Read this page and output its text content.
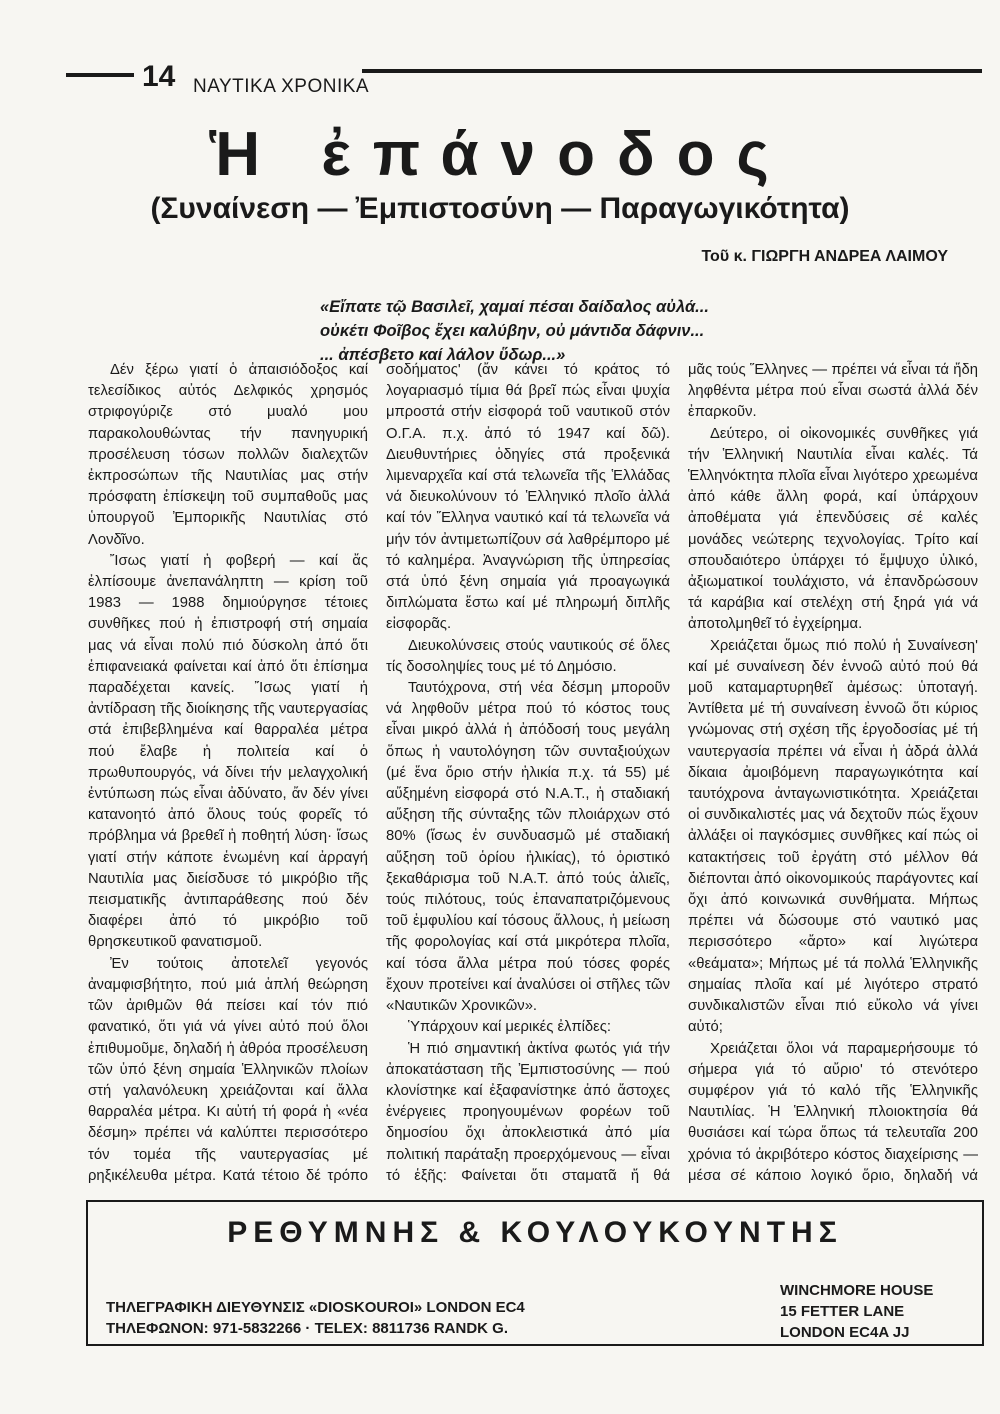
14 ΝΑΥΤΙΚΑ ΧΡΟΝΙΚΑ
Ἡ ἐπάνοδος
(Συναίνεση — Ἐμπιστοσύνη — Παραγωγικότητα)
Τοῦ κ. ΓΙΩΡΓΗ ΑΝΔΡΕΑ ΛΑΙΜΟΥ
«Εἴπατε τῷ Βασιλεῖ, χαμαί πέσαι δαίδαλος αὐλά...
οὐκέτι Φοῖβος ἔχει καλύβην, οὐ μάντιδα δάφνιν...
... ἀπέσβετο καί λάλον ὕδωρ...»

Δέν ξέρω γιατί ὁ ἀπαισιόδοξος καί τελεσίδικος αὐτός Δελφικός χρησμός στριφογύριζε στό μυαλό μου παρακολουθώντας τήν πανηγυρική προσέλευση τόσων πολλῶν διαλεχτῶν ἐκπροσώπων τῆς Ναυτιλίας μας στήν πρόσφατη ἐπίσκεψη τοῦ συμπαθοῦς μας ὑπουργοῦ Ἐμπορικῆς Ναυτιλίας στό Λονδῖνο.

Ἴσως γιατί ἡ φοβερή — καί ἄς ἐλπίσουμε ἀνεπανάληπτη — κρίση τοῦ 1983 — 1988 δημιούργησε τέτοιες συνθῆκες πού ἡ ἐπιστροφή στή σημαία μας νά εἶναι πολύ πιό δύσκολη ἀπό ὅτι ἐπιφανειακά φαίνεται καί ἀπό ὅτι ἐπίσημα παραδέχεται κανείς. Ἴσως γιατί ἡ ἀντίδραση τῆς διοίκησης τῆς ναυτεργασίας στά ἐπιβεβλημένα καί θαρραλέα μέτρα πού ἔλαβε ἡ πολιτεία καί ὁ πρωθυπουργός, νά δίνει τήν μελαγχολική ἐντύπωση πώς εἶναι ἀδύνατο, ἄν δέν γίνει κατανοητό ἀπό ὅλους τούς φορεῖς τό πρόβλημα νά βρεθεῖ ἡ ποθητή λύση· ἴσως γιατί στήν κάποτε ἑνωμένη καί ἀρραγή Ναυτιλία μας διείσδυσε τό μικρόβιο τῆς πεισματικῆς ἀντιπαράθεσης πού δέν διαφέρει ἀπό τό μικρόβιο τοῦ θρησκευτικοῦ φανατισμοῦ.

Ἐν τούτοις ἀποτελεῖ γεγονός ἀναμφισβήτητο, πού μιά ἁπλή θεώρηση τῶν ἀριθμῶν θά πείσει καί τόν πιό φανατικό, ὅτι γιά νά γίνει αὐτό πού ὅλοι ἐπιθυμοῦμε, δηλαδή ἡ ἀθρόα προσέλευση τῶν ὑπό ξένη σημαία Ἑλληνικῶν πλοίων στή γαλανόλευκη χρειάζονται καί ἄλλα θαρραλέα μέτρα. Κι αὐτή τή φορά ἡ «νέα δέσμη» πρέπει νά καλύπτει περισσότερο τόν τομέα τῆς ναυτεργασίας μέ ρηξικέλευθα μέτρα. Κατά τέτοιο δέ τρόπο

σοδήματος' (ἄν κάνει τό κράτος τό λογαριασμό τίμια θά βρεῖ πώς εἶναι ψυχία μπροστά στήν εἰσφορά τοῦ ναυτικοῦ στόν Ο.Γ.Α. π.χ. ἀπό τό 1947 καί δῶ). Διευθυντήριες ὁδηγίες στά προξενικά λιμεναρχεῖα καί στά τελωνεῖα τῆς Ἑλλάδας νά διευκολύνουν τό Ἑλληνικό πλοῖο ἀλλά καί τόν Ἕλληνα ναυτικό καί τά τελωνεῖα νά μήν τόν ἀντιμετωπίζουν σά λαθρέμπορο μέ τό καλημέρα. Ἀναγνώριση τῆς ὑπηρεσίας στά ὑπό ξένη σημαία γιά προαγωγικά διπλώματα ἔστω καί μέ πληρωμή διπλῆς εἰσφορᾶς.

Διευκολύνσεις στούς ναυτικούς σέ ὅλες τίς δοσοληψίες τους μέ τό Δημόσιο.

Ταυτόχρονα, στή νέα δέσμη μποροῦν νά ληφθοῦν μέτρα πού τό κόστος τους εἶναι μικρό ἀλλά ἡ ἀπόδοσή τους μεγάλη ὅπως ἡ ναυτολόγηση τῶν συνταξιούχων (μέ ἕνα ὅριο στήν ἡλικία π.χ. τά 55) μέ αὔξημένη εἰσφορά στό Ν.Α.Τ., ἡ σταδιακή αὔξηση τῆς σύνταξης τῶν πλοιάρχων στό 80% (ἴσως ἐν συνδυασμῶ μέ σταδιακή αὔξηση τοῦ ὁρίου ἡλικίας), τό ὁριστικό ξεκαθάρισμα τοῦ Ν.Α.Τ. ἀπό τούς ἁλιεῖς, τούς πιλότους, τούς ἐπαναπατριζόμενους τοῦ ἐμφυλίου καί τόσους ἄλλους, ἡ μείωση τῆς φορολογίας καί στά μικρότερα πλοῖα, καί τόσα ἄλλα μέτρα πού τόσες φορές ἔχουν προτείνει καί ἀναλύσει οἱ στῆλες τῶν «Ναυτικῶν Χρονικῶν».

Ὑπάρχουν καί μερικές ἐλπίδες:

Ἡ πιό σημαντική ἀκτίνα φωτός γιά τήν ἀποκατάσταση τῆς Ἐμπιστοσύνης — πού κλονίστηκε καί ἐξαφανίστηκε ἀπό ἄστοχες ἐνέργειες προηγουμένων φορέων τοῦ δημοσίου ὄχι ἀποκλειστικά ἀπό μία πολιτική παράταξη προερχόμενους — εἶναι τό ἑξῆς: Φαίνεται ὅτι σταματᾶ ἤ θά

μᾶς τούς Ἕλληνες — πρέπει νά εἶναι τά ἤδη ληφθέντα μέτρα πού εἶναι σωστά ἀλλά δέν ἐπαρκοῦν.

Δεύτερο, οἱ οἰκονομικές συνθῆκες γιά τήν Ἑλληνική Ναυτιλία εἶναι καλές. Τά Ἑλληνόκτητα πλοῖα εἶναι λιγότερο χρεωμένα ἀπό κάθε ἄλλη φορά, καί ὑπάρχουν ἀποθέματα γιά ἐπενδύσεις σέ καλές μονάδες νεώτερης τεχνολογίας. Τρίτο καί σπουδαιότερο ὑπάρχει τό ἔμψυχο ὑλικό, ἀξιωματικοί τουλάχιστο, νά ἐπανδρώσουν τά καράβια καί στελέχη στή ξηρά γιά νά ἀποτολμηθεῖ τό ἐγχείρημα.

Χρειάζεται ὅμως πιό πολύ ἡ Συναίνεση' καί μέ συναίνεση δέν ἐννοῶ αὐτό πού θά μοῦ καταμαρτυρηθεῖ ἀμέσως: ὑποταγή. Ἀντίθετα μέ τή συναίνεση ἐννοῶ ὅτι κύριος γνώμονας στή σχέση τῆς ἐργοδοσίας μέ τή ναυτεργασία πρέπει νά εἶναι ἡ ἀδρά ἀλλά δίκαια ἀμοιβόμενη παραγωγικότητα καί ταυτόχρονα ἀνταγωνιστικότητα. Χρειάζεται οἱ συνδικαλιστές μας νά δεχτοῦν πώς ἔχουν ἀλλάξει οἱ παγκόσμιες συνθῆκες καί πώς οἱ κατακτήσεις τοῦ ἐργάτη στό μέλλον θά διέπονται ἀπό οἰκονομικούς παράγοντες καί ὄχι ἀπό κοινωνικά συνθήματα. Μήπως πρέπει νά δώσουμε στό ναυτικό μας περισσότερο «ἄρτο» καί λιγώτερα «θεάματα»; Μήπως μέ τά πολλά Ἑλληνικῆς σημαίας πλοῖα καί μέ λιγότερο στρατό συνδικαλιστῶν εἶναι πιό εὔκολο νά γίνει αὐτό;

Χρειάζεται ὅλοι νά παραμερήσουμε τό σήμερα γιά τό αὔριο' τό στενότερο συμφέρον γιά τό καλό τῆς Ἑλληνικῆς Ναυτιλίας. Ἡ Ἑλληνική πλοιοκτησία θά θυσιάσει καί τώρα ὅπως τά τελευταῖα 200 χρόνια τό ἀκριβότερο κόστος διαχείρισης — μέσα σέ κάποιο λογικό ὅριο, δηλαδή νά

ΡΕΘΥΜΝΗΣ & ΚΟΥΛΟΥΚΟΥΝΤΗΣ
ΤΗΛΕΓΡΑΦΙΚΗ ΔΙΕΥΘΥΝΣΙΣ «DIOSKOUROI» LONDON EC4
ΤΗΛΕΦΩΝΟΝ: 971-5832266 · TELEX: 8811736 RANDK G.
WINCHMORE HOUSE
15 FETTER LANE
LONDON EC4A JJ
